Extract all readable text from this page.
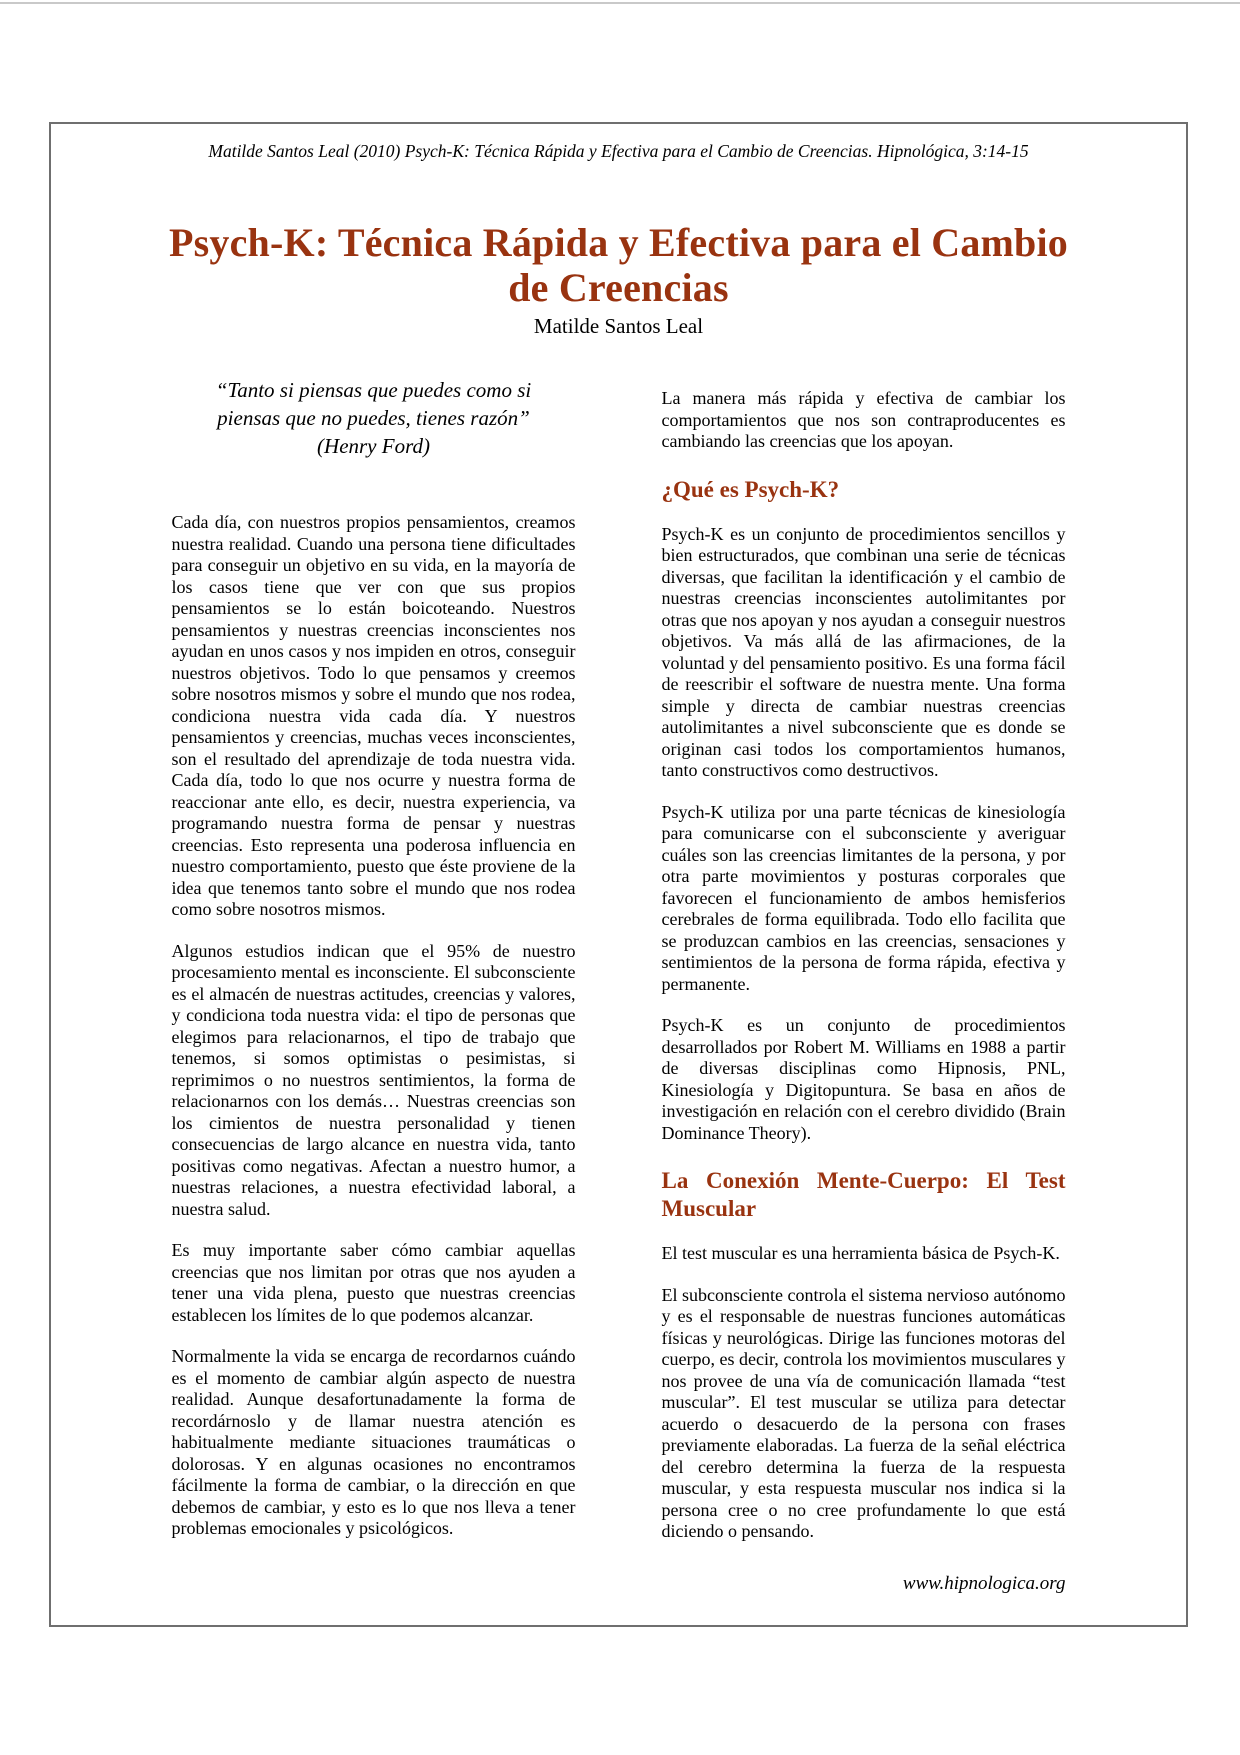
Matilde Santos Leal (2010) Psych-K: Técnica Rápida y Efectiva para el Cambio de Creencias. Hipnológica, 3:14-15
Psych-K: Técnica Rápida y Efectiva para el Cambio
de Creencias
Matilde Santos Leal
“Tanto si piensas que puedes como si
piensas que no puedes, tienes razón”
(Henry Ford)

Cada día, con nuestros propios pensamientos, creamos nuestra realidad. Cuando una persona tiene dificultades para conseguir un objetivo en su vida, en la mayoría de los casos tiene que ver con que sus propios pensamientos se lo están boicoteando. Nuestros pensamientos y nuestras creencias inconscientes nos ayudan en unos casos y nos impiden en otros, conseguir nuestros objetivos. Todo lo que pensamos y creemos sobre nosotros mismos y sobre el mundo que nos rodea, condiciona nuestra vida cada día. Y nuestros pensamientos y creencias, muchas veces inconscientes, son el resultado del aprendizaje de toda nuestra vida. Cada día, todo lo que nos ocurre y nuestra forma de reaccionar ante ello, es decir, nuestra experiencia, va programando nuestra forma de pensar y nuestras creencias. Esto representa una poderosa influencia en nuestro comportamiento, puesto que éste proviene de la idea que tenemos tanto sobre el mundo que nos rodea como sobre nosotros mismos.

Algunos estudios indican que el 95% de nuestro procesamiento mental es inconsciente. El subconsciente es el almacén de nuestras actitudes, creencias y valores, y condiciona toda nuestra vida: el tipo de personas que elegimos para relacionarnos, el tipo de trabajo que tenemos, si somos optimistas o pesimistas, si reprimimos o no nuestros sentimientos, la forma de relacionarnos con los demás… Nuestras creencias son los cimientos de nuestra personalidad y tienen consecuencias de largo alcance en nuestra vida, tanto positivas como negativas. Afectan a nuestro humor, a nuestras relaciones, a nuestra efectividad laboral, a nuestra salud.

Es muy importante saber cómo cambiar aquellas creencias que nos limitan por otras que nos ayuden a tener una vida plena, puesto que nuestras creencias establecen los límites de lo que podemos alcanzar.

Normalmente la vida se encarga de recordarnos cuándo es el momento de cambiar algún aspecto de nuestra realidad. Aunque desafortunadamente la forma de recordárnoslo y de llamar nuestra atención es habitualmente mediante situaciones traumáticas o dolorosas. Y en algunas ocasiones no encontramos fácilmente la forma de cambiar, o la dirección en que debemos de cambiar, y esto es lo que nos lleva a tener problemas emocionales y psicológicos.

La manera más rápida y efectiva de cambiar los comportamientos que nos son contraproducentes es cambiando las creencias que los apoyan.

¿Qué es Psych-K?

Psych-K es un conjunto de procedimientos sencillos y bien estructurados, que combinan una serie de técnicas diversas, que facilitan la identificación y el cambio de nuestras creencias inconscientes autolimitantes por otras que nos apoyan y nos ayudan a conseguir nuestros objetivos. Va más allá de las afirmaciones, de la voluntad y del pensamiento positivo. Es una forma fácil de reescribir el software de nuestra mente. Una forma simple y directa de cambiar nuestras creencias autolimitantes a nivel subconsciente que es donde se originan casi todos los comportamientos humanos, tanto constructivos como destructivos.

Psych-K utiliza por una parte técnicas de kinesiología para comunicarse con el subconsciente y averiguar cuáles son las creencias limitantes de la persona, y por otra parte movimientos y posturas corporales que favorecen el funcionamiento de ambos hemisferios cerebrales de forma equilibrada. Todo ello facilita que se produzcan cambios en las creencias, sensaciones y sentimientos de la persona de forma rápida, efectiva y permanente.

Psych-K es un conjunto de procedimientos desarrollados por Robert M. Williams en 1988 a partir de diversas disciplinas como Hipnosis, PNL, Kinesiología y Digitopuntura. Se basa en años de investigación en relación con el cerebro dividido (Brain Dominance Theory).

La Conexión Mente-Cuerpo: El Test Muscular

El test muscular es una herramienta básica de Psych-K.

El subconsciente controla el sistema nervioso autónomo y es el responsable de nuestras funciones automáticas físicas y neurológicas. Dirige las funciones motoras del cuerpo, es decir, controla los movimientos musculares y nos provee de una vía de comunicación llamada “test muscular”. El test muscular se utiliza para detectar acuerdo o desacuerdo de la persona con frases previamente elaboradas. La fuerza de la señal eléctrica del cerebro determina la fuerza de la respuesta muscular, y esta respuesta muscular nos indica si la persona cree o no cree profundamente lo que está diciendo o pensando.

www.hipnologica.org
